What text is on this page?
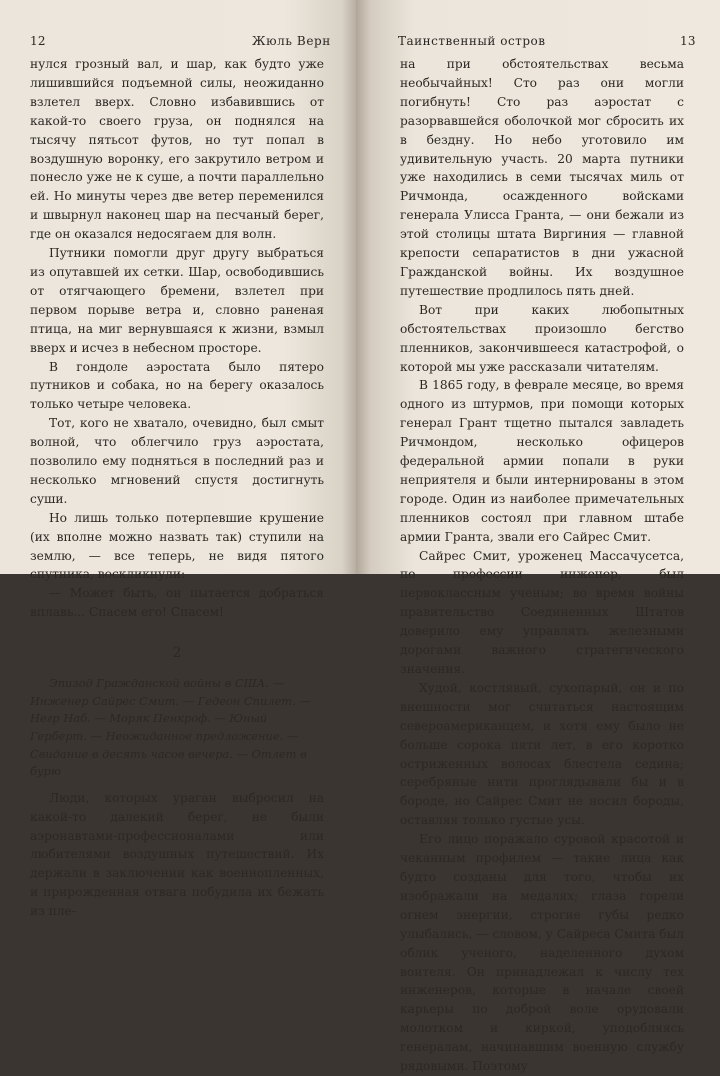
12	Жюль Верн

нулся грозный вал, и шар, как будто уже лишившийся подъемной силы, неожиданно взлетел вверх. Словно избавившись от какой-то своего груза, он поднялся на тысячу пятьсот футов, но тут попал в воздушную воронку, его закрутило ветром и понесло уже не к суше, а почти параллельно ей. Но минуты через две ветер переменился и швырнул наконец шар на песчаный берег, где он оказался недосягаем для волн.

Путники помогли друг другу выбраться из опутавшей их сетки. Шар, освободившись от отягчающего бремени, взлетел при первом порыве ветра и, словно раненая птица, на миг вернувшаяся к жизни, взмыл вверх и исчез в небесном просторе.

В гондоле аэростата было пятеро путников и собака, но на берегу оказалось только четыре человека.

Тот, кого не хватало, очевидно, был смыт волной, что облегчило груз аэростата, позволило ему подняться в последний раз и несколько мгновений спустя достигнуть суши.

Но лишь только потерпевшие крушение (их вполне можно назвать так) ступили на землю, — все теперь, не видя пятого спутника, воскликнули:

— Может быть, он пытается добраться вплавь... Спасем его! Спасем!

2

Эпизод Гражданской войны в США. — Инженер Сайрес Смит. — Гедеон Спилет. — Негр Наб. — Моряк Пенкроф. — Юный Герберт. — Неожиданное предложение. — Свидание в десять часов вечера. — Отлет в бурю

Люди, которых ураган выбросил на какой-то далекий берег, не были аэронавтами-профессионалами или любителями воздушных путешествий. Их держали в заключении как военнопленных, и прирожденная отвага побудила их бежать из пле-

Таинственный остров	13

на при обстоятельствах весьма необычайных! Сто раз они могли погибнуть! Сто раз аэростат с разорвавшейся оболочкой мог сбросить их в бездну. Но небо уготовило им удивительную участь. 20 марта путники уже находились в семи тысячах миль от Ричмонда, осажденного войсками генерала Улисса Гранта, — они бежали из этой столицы штата Виргиния — главной крепости сепаратистов в дни ужасной Гражданской войны. Их воздушное путешествие продлилось пять дней.

Вот при каких любопытных обстоятельствах произошло бегство пленников, закончившееся катастрофой, о которой мы уже рассказали читателям.

В 1865 году, в феврале месяце, во время одного из штурмов, при помощи которых генерал Грант тщетно пытался завладеть Ричмондом, несколько офицеров федеральной армии попали в руки неприятеля и были интернированы в этом городе. Один из наиболее примечательных пленников состоял при главном штабе армии Гранта, звали его Сайрес Смит.

Сайрес Смит, уроженец Массачусетса, по профессии инженер, был первоклассным ученым; во время войны правительство Соединенных Штатов доверило ему управлять железными дорогами важного стратегического значения.

Худой, костлявый, сухопарый, он и по внешности мог считаться настоящим североамериканцем, и хотя ему было не больше сорока пяти лет, в его коротко остриженных волосах блестела седина; серебряные нити проглядывали бы и в бороде, но Сайрес Смит не носил бороды, оставляя только густые усы.

Его лицо поражало суровой красотой и чеканным профилем — такие лица как будто созданы для того, чтобы их изображали на медалях; глаза горели огнем энергии, строгие губы редко улыбались, — словом, у Сайреса Смита был облик ученого, наделенного духом воителя. Он принадлежал к числу тех инженеров, которые в начале своей карьеры по доброй воле орудовали молотком и киркой, уподобляясь генералам, начинавшим военную службу рядовыми. Поэтому
